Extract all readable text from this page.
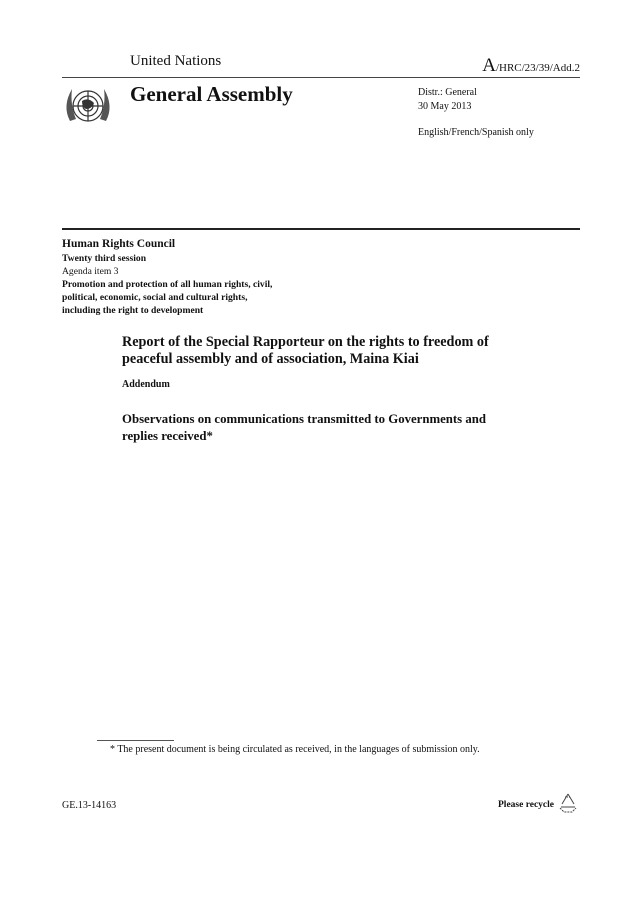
United Nations	A/HRC/23/39/Add.2
General Assembly	Distr.: General
30 May 2013
English/French/Spanish only
Human Rights Council
Twenty third session
Agenda item 3
Promotion and protection of all human rights, civil,
political, economic, social and cultural rights,
including the right to development
Report of the Special Rapporteur on the rights to freedom of
peaceful assembly and of association, Maina Kiai
Addendum
Observations on communications transmitted to Governments and
replies received*
* The present document is being circulated as received, in the languages of submission only.
GE.13-14163	Please recycle
